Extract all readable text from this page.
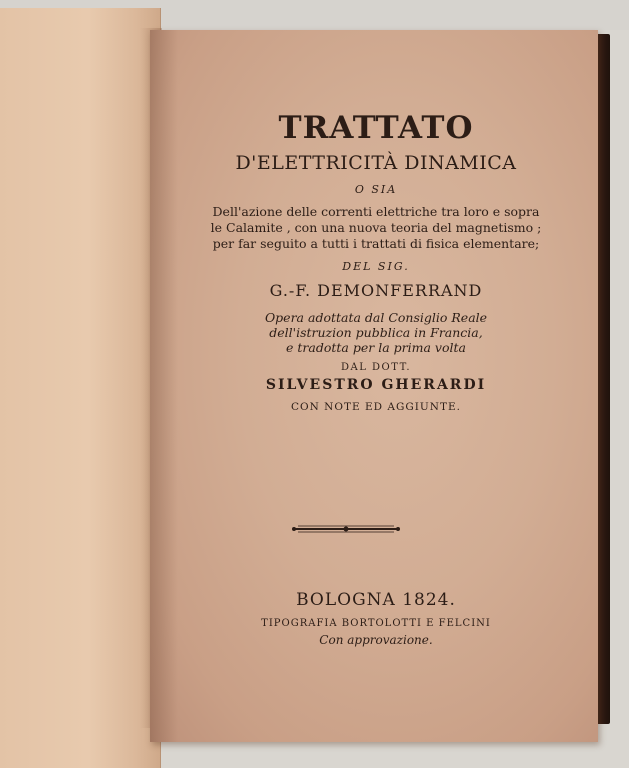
TRATTATO
D'ELETTRICITÀ DINAMICA
O SIA
Dell'azione delle correnti elettriche tra loro e sopra
le Calamite , con una nuova teoria del magnetismo ;
per far seguito a tutti i trattati di fisica elementare;
DEL SIG.
G.-F. DEMONFERRAND
Opera adottata dal Consiglio Reale
dell'istruzion pubblica in Francia,
e tradotta per la prima volta
DAL DOTT.
SILVESTRO GHERARDI
CON NOTE ED AGGIUNTE.
BOLOGNA 1824.
TIPOGRAFIA BORTOLOTTI E FELCINI
Con approvazione.
